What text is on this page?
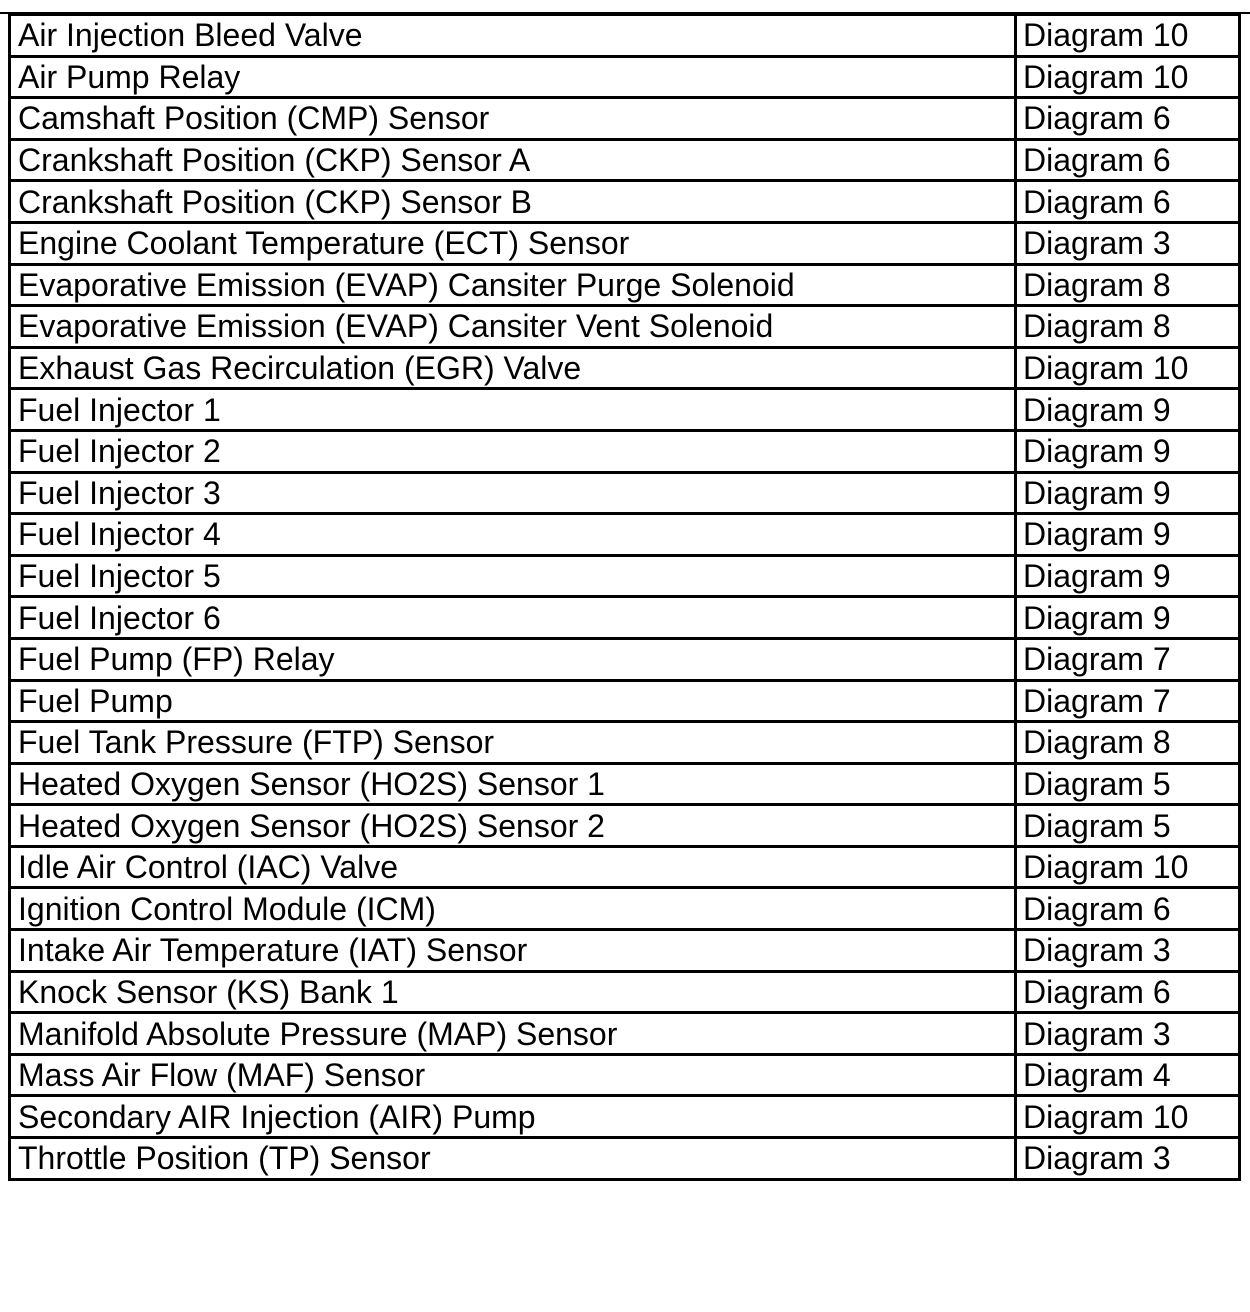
Air Injection Bleed Valve	Diagram 10
Air Pump Relay	Diagram 10
Camshaft Position (CMP) Sensor	Diagram 6
Crankshaft Position (CKP) Sensor A	Diagram 6
Crankshaft Position (CKP) Sensor B	Diagram 6
Engine Coolant Temperature (ECT) Sensor	Diagram 3
Evaporative Emission (EVAP) Cansiter Purge Solenoid	Diagram 8
Evaporative Emission (EVAP) Cansiter Vent Solenoid	Diagram 8
Exhaust Gas Recirculation (EGR) Valve	Diagram 10
Fuel Injector 1	Diagram 9
Fuel Injector 2	Diagram 9
Fuel Injector 3	Diagram 9
Fuel Injector 4	Diagram 9
Fuel Injector 5	Diagram 9
Fuel Injector 6	Diagram 9
Fuel Pump (FP) Relay	Diagram 7
Fuel Pump	Diagram 7
Fuel Tank Pressure (FTP) Sensor	Diagram 8
Heated Oxygen Sensor (HO2S) Sensor 1	Diagram 5
Heated Oxygen Sensor (HO2S) Sensor 2	Diagram 5
Idle Air Control (IAC) Valve	Diagram 10
Ignition Control Module (ICM)	Diagram 6
Intake Air Temperature (IAT) Sensor	Diagram 3
Knock Sensor (KS) Bank 1	Diagram 6
Manifold Absolute Pressure (MAP) Sensor	Diagram 3
Mass Air Flow (MAF) Sensor	Diagram 4
Secondary AIR Injection (AIR) Pump	Diagram 10
Throttle Position (TP) Sensor	Diagram 3
